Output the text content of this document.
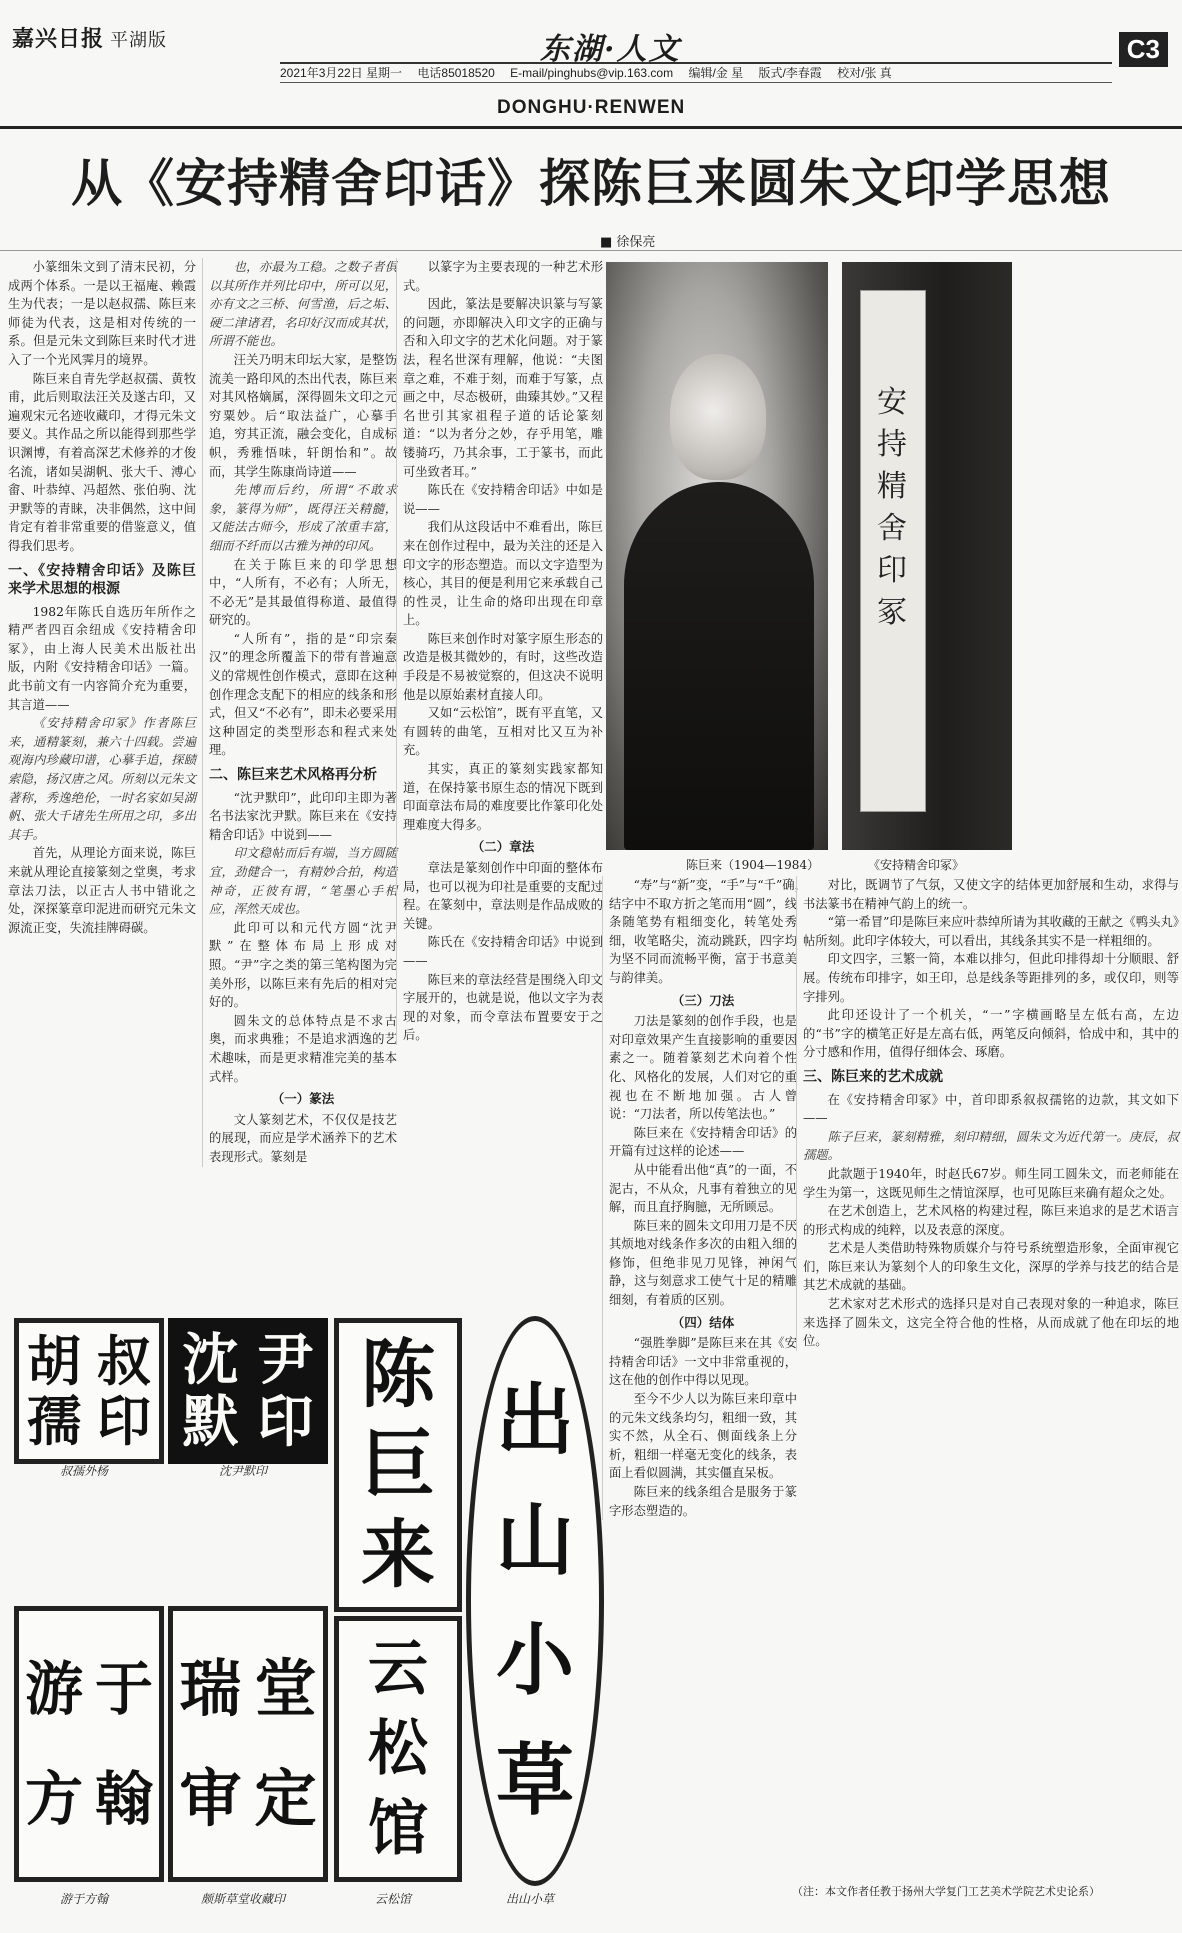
嘉兴日报 平湖版	东湖·人文	C3
2021年3月22日 星期一 电话85018520 E-mail/pinghubs@vip.163.com 编辑/金 星 版式/李春霞 校对/张 真
DONGHU·RENWEN
从《安持精舍印话》探陈巨来圆朱文印学思想
■ 徐保亮

小篆细朱文到了清末民初，分成两个体系。一是以王福庵、赖霞生为代表；一是以赵叔孺、陈巨来师徒为代表，这是相对传统的一系。但是元朱文到陈巨来时代才进入了一个光风霁月的境界。

陈巨来自青先学赵叔孺、黄牧甫，此后则取法汪关及遂古印，又遍观宋元名迹收藏印，才得元朱文要义。其作品之所以能得到那些学识渊博，有着高深艺术修养的才俊名流，诸如吴湖帆、张大千、溥心畬、叶恭绰、冯超然、张伯驹、沈尹默等的青睐，决非偶然，这中间肯定有着非常重要的借鉴意义，值得我们思考。

一、《安持精舍印话》及陈巨来学术思想的根源

1982年陈氏自选历年所作之精严者四百余纽成《安持精舍印冢》，由上海人民美术出版社出版，内附《安持精舍印话》一篇。此书前文有一内容简介充为重要，其言道——

《安持精舍印冢》作者陈巨来，通精篆刻，兼六十四载。尝遍观海内珍藏印谱，心摹手追，探赜索隐，扬汉唐之风。所刻以元朱文著称，秀逸绝伦，一时名家如吴湖帆、张大千诸先生所用之印，多出其手。

首先，从理论方面来说，陈巨来就从理论直接篆刻之堂奥，考求章法刀法，以正古人书中错讹之处，深探篆章印泥进而研究元朱文源流正变，失流挂牌碍碳。

也，亦最为工稳。之数子者俱以其所作并列比印中，所可以见，亦有文之三桥、何雪渔，后之垢、硬二津诸君，名印好汉而成其状，所谓不能也。

汪关乃明末印坛大家，是整饬流美一路印风的杰出代表，陈巨来对其风格嫡属，深得圆朱文印之元穷粟妙。后“取法益广，心摹手追，穷其正流，融会变化，自成标帜，秀雅悟味，轩朗怡和”。故而，其学生陈康尚诗道——

先博而后约，所谓“不敢求象，篆得为师”，既得汪关精髓，又能法古师今，形成了浓重丰富，细而不纤而以古雅为神的印风。

在关于陈巨来的印学思想中，“人所有，不必有；人所无，不必无”是其最值得称道、最值得研究的。

“人所有”，指的是“印宗秦汉”的理念所覆盖下的带有普遍意义的常规性创作模式，意即在这种创作理念支配下的相应的线条和形式，但又“不必有”，即未必要采用这种固定的类型形态和程式来处理。

二、陈巨来艺术风格再分析

“沈尹默印”，此印印主即为著名书法家沈尹默。陈巨来在《安持精舍印话》中说到——

印文稳帖而后有端，当方圆随宜，劲健合一，有精妙合拍，构造神奇，正彼有谓，“笔墨心手相应，浑然天成也。

此印可以和元代方圆“沈尹默”在整体布局上形成对照。“尹”字之类的第三笔构图为完美外形，以陈巨来有先后的相对完好的。

圆朱文的总体特点是不求古奥，而求典雅；不是追求洒逸的艺术趣味，而是更求精准完美的基本式样。

（一）篆法

文人篆刻艺术，不仅仅是技艺的展现，而应是学术涵养下的艺术表现形式。篆刻是

以篆字为主要表现的一种艺术形式。

因此，篆法是要解决识篆与写篆的问题，亦即解决入印文字的正确与否和入印文字的艺术化问题。对于篆法，程名世深有理解，他说：“夫图章之难，不难于刻，而难于写篆，点画之中，尽态极研，曲臻其妙。”又程名世引其家祖程子道的话论篆刻道：“以为者分之妙，存乎用笔，雕镂骑巧，乃其余事，工于篆书，而此可坐致者耳。”

陈氏在《安持精舍印话》中如是说——

我们从这段话中不难看出，陈巨来在创作过程中，最为关注的还是入印文字的形态塑造。而以文字造型为核心，其目的便是利用它来承载自己的性灵，让生命的烙印出现在印章上。

陈巨来创作时对篆字原生形态的改造是极其微妙的，有时，这些改造手段是不易被觉察的，但这决不说明他是以原始素材直接人印。

又如“云松馆”，既有平直笔，又有圆转的曲笔，互相对比又互为补充。

其实，真正的篆刻实践家都知道，在保持篆书原生态的情况下既到印面章法布局的难度要比作篆印化处理难度大得多。

（二）章法

章法是篆刻创作中印面的整体布局，也可以视为印社是重要的支配过程。在篆刻中，章法则是作品成败的关键。

陈氏在《安持精舍印话》中说到——

陈巨来的章法经营是围绕入印文字展开的，也就是说，他以文字为表现的对象，而令章法布置要安于之后。

安持精舍印冢
陈巨来（1904—1984）	《安持精舍印冢》

“寿”与“新”变，“手”与“千”确，结字中不取方折之笔而用“圆”，线条随笔势有粗细变化，转笔处秀细，收笔略尖，流动跳跃，四字均为坚不同而流畅平衡，富于书意美与韵律美。

（三）刀法

刀法是篆刻的创作手段，也是对印章效果产生直接影响的重要因素之一。随着篆刻艺术向着个性化、风格化的发展，人们对它的重视也在不断地加强。古人曾说：“刀法者，所以传笔法也。”

陈巨来在《安持精舍印话》的开篇有过这样的论述——

从中能看出他“真”的一面，不泥古，不从众，凡事有着独立的见解，而且直抒胸臆，无所顾忌。

陈巨来的圆朱文印用刀是不厌其烦地对线条作多次的由粗入细的修饰，但绝非见刀见锋，神闲气静，这与刻意求工使气十足的精雕细刻，有着质的区别。

（四）结体

“强胜拳脚”是陈巨来在其《安持精舍印话》一文中非常重视的，这在他的创作中得以见现。

至今不少人以为陈巨来印章中的元朱文线条均匀，粗细一致，其实不然，从全石、侧面线条上分析，粗细一样毫无变化的线条，表面上看似圆满，其实僵直呆板。

陈巨来的线条组合是服务于篆字形态塑造的。

对比，既调节了气氛，又使文字的结体更加舒展和生动，求得与书法篆书在精神气韵上的统一。

“第一希冒”印是陈巨来应叶恭绰所请为其收藏的王献之《鸭头丸》帖所刻。此印字体较大，可以看出，其线条其实不是一样粗细的。

印文四字，三繁一简，本难以排匀，但此印排得却十分顺眼、舒展。传统布印排字，如王印，总是线条等距排列的多，或仅印，则等字排列。

此印还设计了一个机关，“一”字横画略呈左低右高，左边的“书”字的横笔正好是左高右低，两笔反向倾斜，恰成中和，其中的分寸感和作用，值得仔细体会、琢磨。

三、陈巨来的艺术成就

在《安持精舍印冢》中，首印即系叙叔孺铭的边款，其文如下——

陈子巨来，篆刻精雅，刻印精细，圆朱文为近代第一。庚辰，叔孺题。

此款题于1940年，时赵氏67岁。师生同工圆朱文，而老师能在学生为第一，这既见师生之情谊深厚，也可见陈巨来确有超众之处。

在艺术创造上，艺术风格的构建过程，陈巨来追求的是艺术语言的形式构成的纯粹，以及表意的深度。

艺术是人类借助特殊物质媒介与符号系统塑造形象，全面审视它们，陈巨来认为篆刻个人的印象生文化，深厚的学养与技艺的结合是其艺术成就的基础。

艺术家对艺术形式的选择只是对自己表现对象的一种追求，陈巨来选择了圆朱文，这完全符合他的性格，从而成就了他在印坛的地位。

胡 叔
孺 印
叔孺外杨
沈 尹
默 印
沈尹默印
陈
巨
来
出
山
小
草
出山小草
游 于
方 翰
游于方翰
瑞 堂
审 定
颇斯草堂收藏印
云
松
馆
云松馆
（注：本文作者任教于扬州大学复门工艺美术学院艺术史论系）
